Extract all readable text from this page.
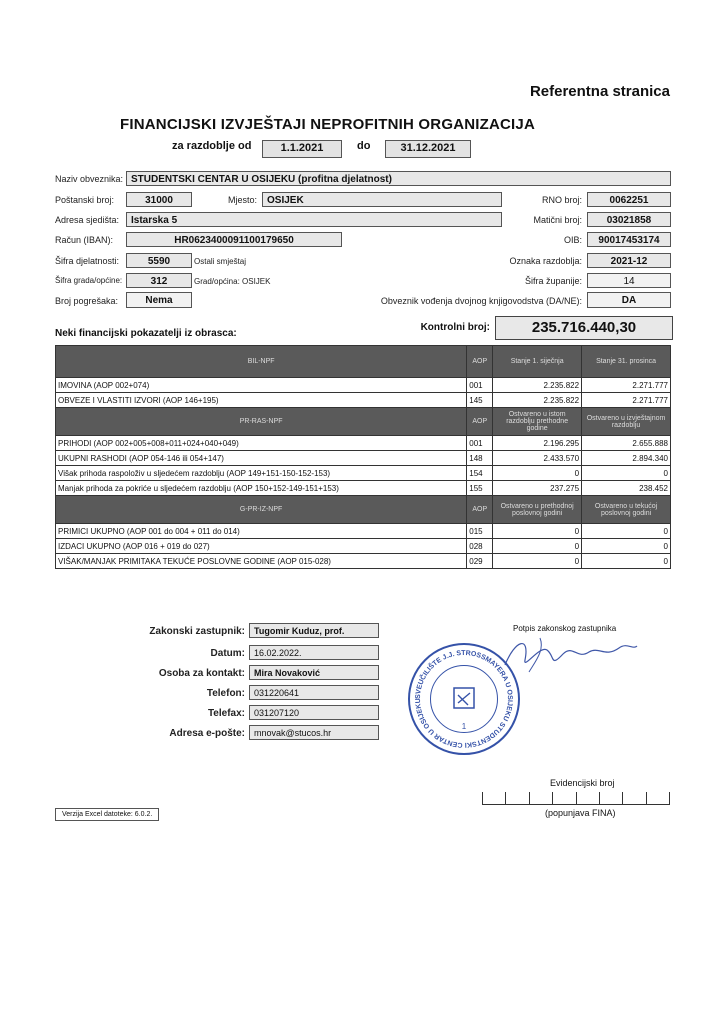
Referentna stranica
FINANCIJSKI IZVJEŠTAJI NEPROFITNIH ORGANIZACIJA
za razdoblje od	1.1.2021	do	31.12.2021
Naziv obveznika: STUDENTSKI CENTAR U OSIJEKU (profitna djelatnost)
Poštanski broj:	31000	Mjesto: OSIJEK	RNO broj:	0062251
Adresa sjedišta:	Istarska 5	Matični broj:	03021858
Račun (IBAN):	HR0623400091100179650	OIB:	90017453174
Šifra djelatnosti:	5590	Ostali smještaj	Oznaka razdoblja:	2021-12
Šifra grada/općine:	312	Grad/općina: OSIJEK	Šifra županije:	14
Broj pogrešaka:	Nema	Obveznik vođenja dvojnog knjigovodstva (DA/NE):	DA
Neki financijski pokazatelji iz obrasca:
Kontrolni broj:	235.716.440,30
BIL-NPF	AOP	Stanje 1. siječnja	Stanje 31. prosinca
IMOVINA (AOP 002+074)	001	2.235.822	2.271.777
OBVEZE I VLASTITI IZVORI (AOP 146+195)	145	2.235.822	2.271.777
PR-RAS-NPF	AOP	Ostvareno u istom razdoblju prethodne godine	Ostvareno u izvještajnom razdoblju
PRIHODI (AOP 002+005+008+011+024+040+049)	001	2.196.295	2.655.888
UKUPNI RASHODI (AOP 054-146 ili 054+147)	148	2.433.570	2.894.340
Višak prihoda raspoloživ u sljedećem razdoblju (AOP 149+151-150-152-153)	154	0	0
Manjak prihoda za pokriće u sljedećem razdoblju (AOP 150+152-149-151+153)	155	237.275	238.452
G-PR-IZ-NPF	AOP	Ostvareno u prethodnoj poslovnoj godini	Ostvareno u tekućoj poslovnoj godini
PRIMICI UKUPNO (AOP 001 do 004 + 011 do 014)	015	0	0
IZDACI UKUPNO (AOP 016 + 019 do 027)	028	0	0
VIŠAK/MANJAK PRIMITAKA TEKUĆE POSLOVNE GODINE (AOP 015-028)	029	0	0
Zakonski zastupnik:	Tugomir Kuduz, prof.
Datum:	16.02.2022.
Osoba za kontakt:	Mira Novaković
Telefon:	031220641
Telefax:	031207120
Adresa e-pošte:	mnovak@stucos.hr
Potpis zakonskog zastupnika
SVEUČILIŠTE J.J. STROSSMAYERA U OSIJEKU STUDENTSKI CENTAR U OSIJEKU
1
Evidencijski broj
(popunjava FINA)
Verzija Excel datoteke: 6.0.2.
